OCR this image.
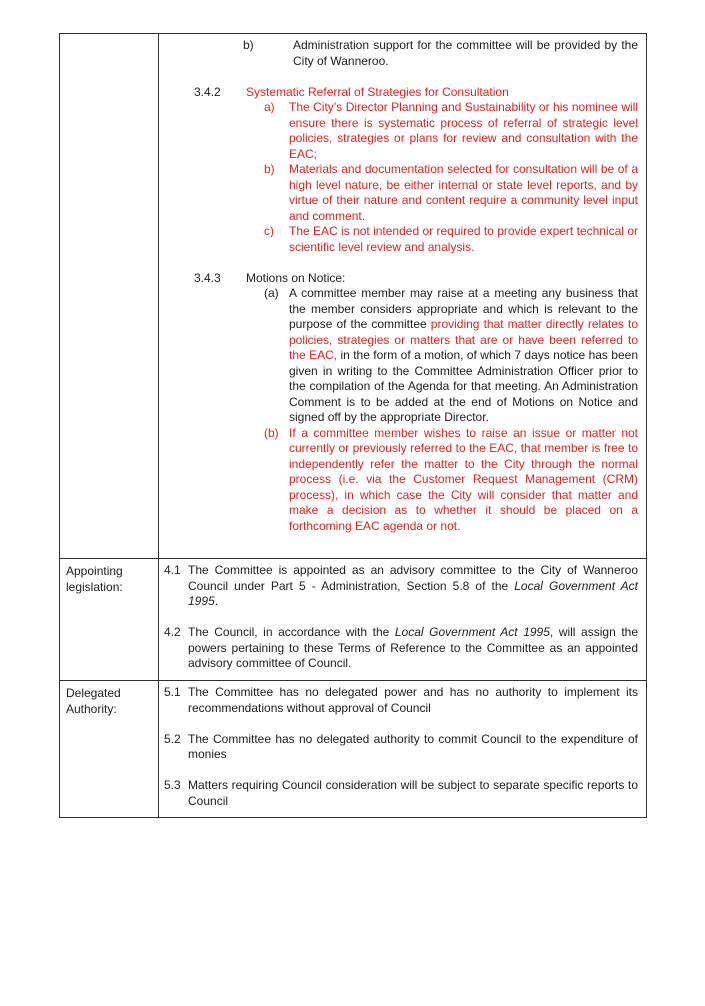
b)	Administration support for the committee will be provided by the City of Wanneroo.
3.4.2	Systematic Referral of Strategies for Consultation
a)	The City’s Director Planning and Sustainability or his nominee will ensure there is systematic process of referral of strategic level policies, strategies or plans for review and consultation with the EAC;
b)	Materials and documentation selected for consultation will be of a high level nature, be either internal or state level reports, and by virtue of their nature and content require a community level input and comment.
c)	The EAC is not intended or required to provide expert technical or scientific level review and analysis.
3.4.3	Motions on Notice:
(a) A committee member may raise at a meeting any business that the member considers appropriate and which is relevant to the purpose of the committee providing that matter directly relates to policies, strategies or matters that are or have been referred to the EAC, in the form of a motion, of which 7 days notice has been given in writing to the Committee Administration Officer prior to the compilation of the Agenda for that meeting. An Administration Comment is to be added at the end of Motions on Notice and signed off by the appropriate Director.
(b) If a committee member wishes to raise an issue or matter not currently or previously referred to the EAC, that member is free to independently refer the matter to the City through the normal process (i.e. via the Customer Request Management (CRM) process), in which case the City will consider that matter and make a decision as to whether it should be placed on a forthcoming EAC agenda or not.
Appointing legislation:
4.1 The Committee is appointed as an advisory committee to the City of Wanneroo Council under Part 5 - Administration, Section 5.8 of the Local Government Act 1995.
4.2 The Council, in accordance with the Local Government Act 1995, will assign the powers pertaining to these Terms of Reference to the Committee as an appointed advisory committee of Council.
Delegated Authority:
5.1 The Committee has no delegated power and has no authority to implement its recommendations without approval of Council
5.2 The Committee has no delegated authority to commit Council to the expenditure of monies
5.3 Matters requiring Council consideration will be subject to separate specific reports to Council
